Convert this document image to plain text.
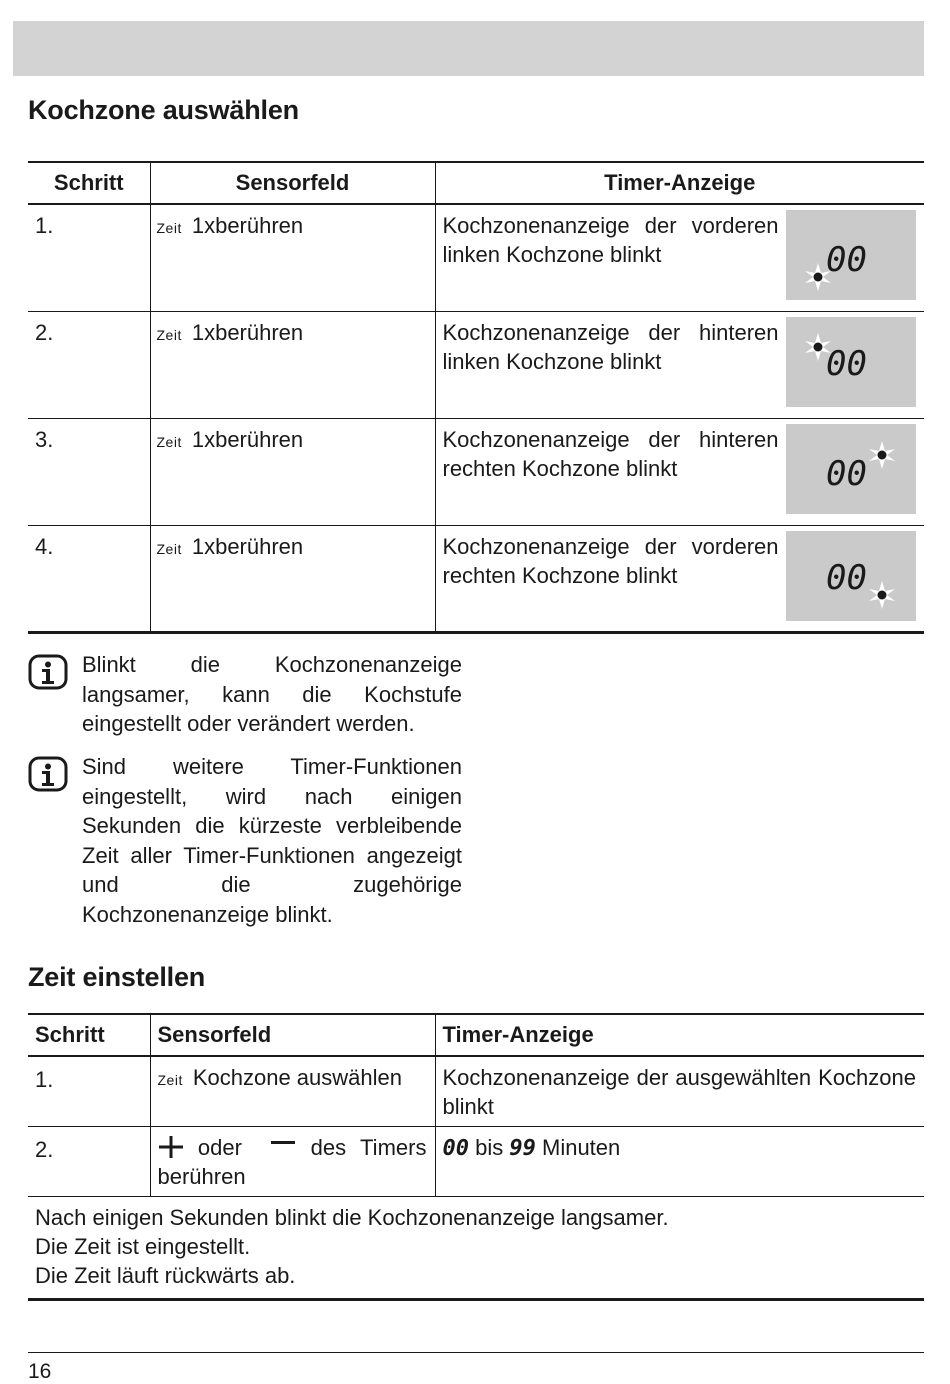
Kochzone auswählen
Schritt	Sensorfeld	Timer-Anzeige
1.	Zeit 1xberühren	Kochzonenanzeige der vorderen linken Kochzone blinkt 00

2.	Zeit 1xberühren	Kochzonenanzeige der hinteren linken Kochzone blinkt 00

3.	Zeit 1xberühren	Kochzonenanzeige der hinteren rechten Kochzone blinkt 00

4.	Zeit 1xberühren	Kochzonenanzeige der vorderen rechten Kochzone blinkt 00
Blinkt die Kochzonenanzeige langsamer, kann die Kochstufe eingestellt oder verändert werden.
Sind weitere Timer-Funktionen eingestellt, wird nach einigen Sekunden die kürzeste verbleibende Zeit aller Timer-Funktionen angezeigt und die zugehörige Kochzonenanzeige blinkt.
Zeit einstellen
Schritt	Sensorfeld	Timer-Anzeige
1.	Zeit Kochzone auswählen	Kochzonenanzeige der ausgewählten Kochzone blinkt
2.	oder des Timers berühren	00 bis 99 Minuten

Nach einigen Sekunden blinkt die Kochzonenanzeige langsamer.
Die Zeit ist eingestellt.
Die Zeit läuft rückwärts ab.		
16
